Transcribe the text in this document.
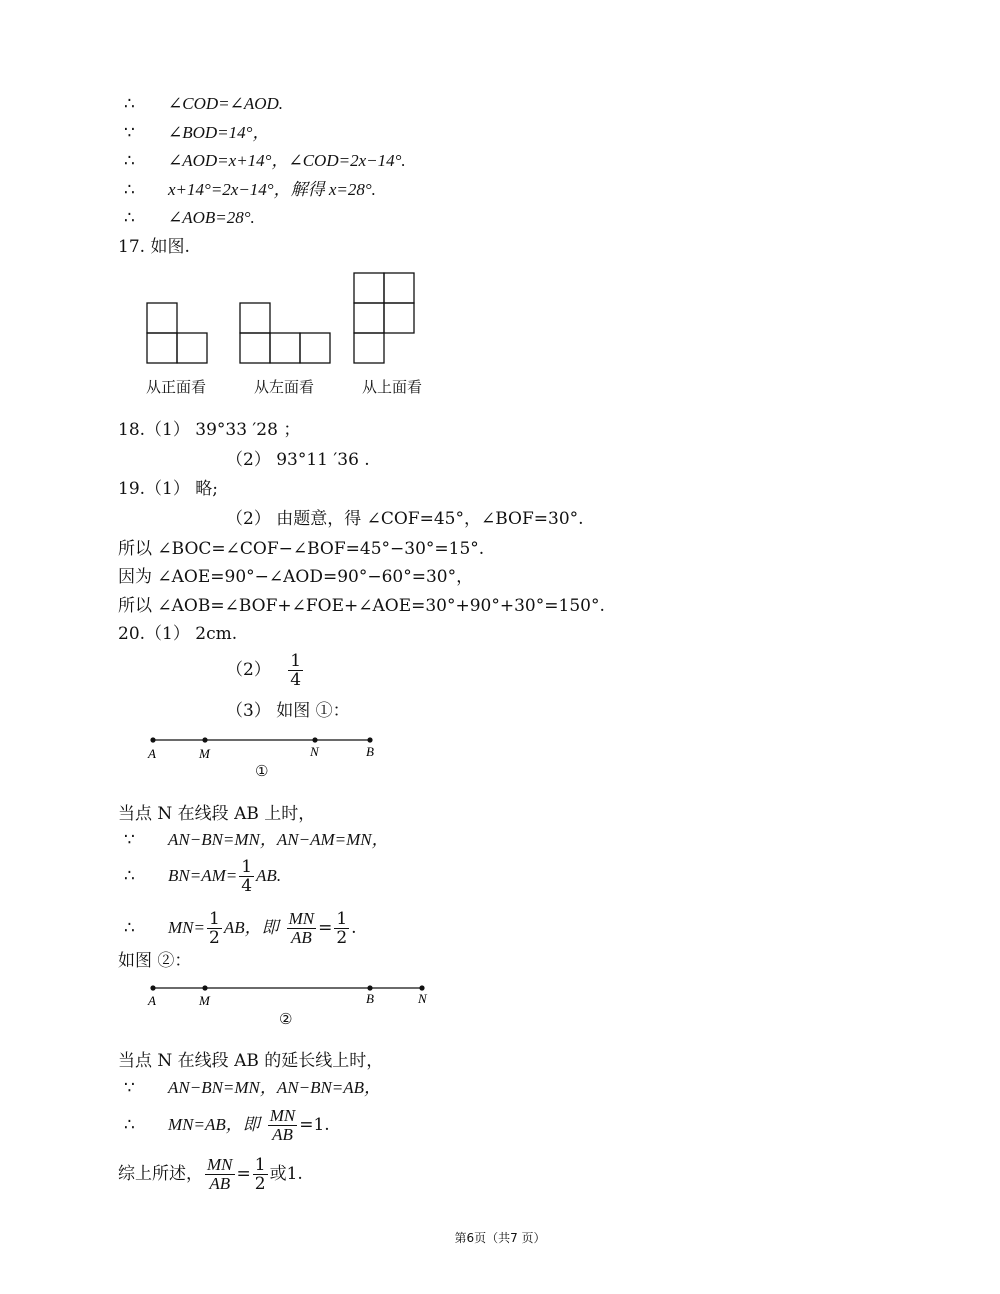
∴ ∠COD=∠AOD.
∵ ∠BOD=14°，
∴ ∠AOD=x+14°，∠COD=2x−14°.
∴ x+14°=2x−14°，解得 x=28°.
∴ ∠AOB=28°.
17. 如图.
从正面看	从左面看	从上面看
18.（1） 39°33 ′28 ；
（2） 93°11 ′36 .
19.（1） 略;
（2） 由题意，得 ∠COF=45°，∠BOF=30°.
所以 ∠BOC=∠COF−∠BOF=45°−30°=15°.
因为 ∠AOE=90°−∠AOD=90°−60°=30°，
所以 ∠AOB=∠BOF+∠FOE+∠AOE=30°+90°+30°=150°.
20.（1） 2cm.
$(2) \frac{1}{4}$
（3） 如图 ①：
A	M	N	B
①
当点 N 在线段 AB 上时，
∵ AN−BN=MN，AN−AM=MN，
∴ $BN=AM= \frac{1}{4}$ AB.
∴ $MN= \frac{1}{2}$ AB，即 $\frac{MN}{AB} = \frac{1}{2}$ .
如图 ②：
A	M	B	N
②
当点 N 在线段 AB 的延长线上时，
∵ AN−BN=MN，AN−BN=AB，
∴ MN=AB，即 $\frac{MN}{AB} =1$.
综上所述， $\frac{MN}{AB} = \frac{1}{2}$ 或1.
第6页（共7 页）
